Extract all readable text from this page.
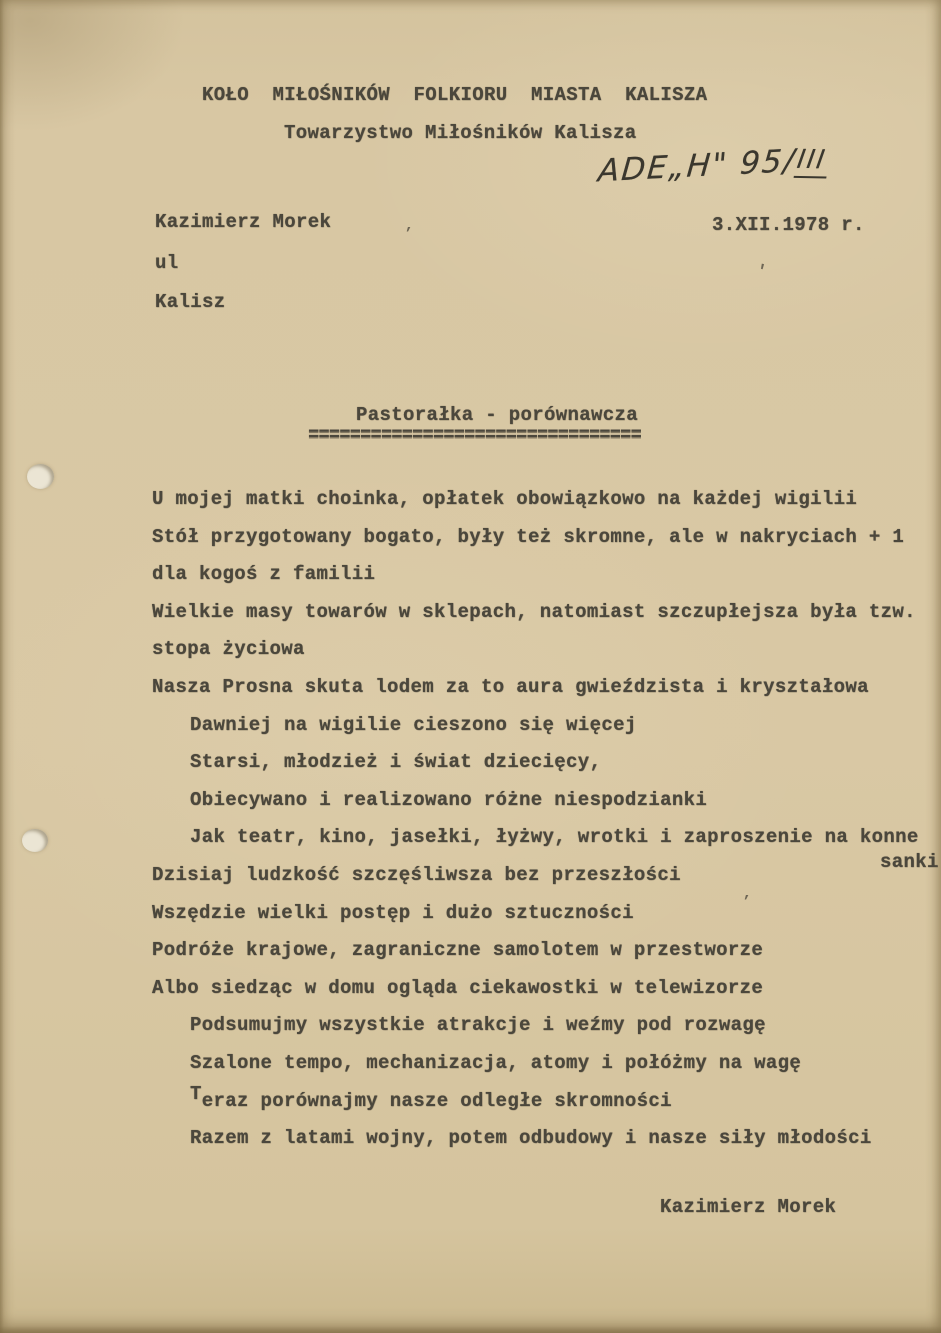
KOŁO  MIŁOŚNIKÓW  FOLKIORU  MIASTA  KALISZA
Towarzystwo Miłośników Kalisza
ADE„H" 95/III
Kazimierz Morek	3.XII.1978 r.
ul
Kalisz
Pastorałka - porównawcza
================================
U mojej matki choinka, opłatek obowiązkowo na każdej wigilii
Stół przygotowany bogato, były też skromne, ale w nakryciach + 1
dla kogoś z familii
Wielkie masy towarów w sklepach, natomiast szczupłejsza była tzw.
stopa życiowa
Nasza Prosna skuta lodem za to aura gwieździsta i kryształowa
Dawniej na wigilie cieszono się więcej
Starsi, młodzież i świat dziecięcy,
Obiecywano i realizowano różne niespodzianki
Jak teatr, kino, jasełki, łyżwy, wrotki i zaproszenie na konne
Dzisiaj ludzkość szczęśliwsza bez przeszłości
Wszędzie wielki postęp i dużo sztuczności
Podróże krajowe, zagraniczne samolotem w przestworze
Albo siedząc w domu ogląda ciekawostki w telewizorze
Podsumujmy wszystkie atrakcje i weźmy pod rozwagę
Szalone tempo, mechanizacja, atomy i połóżmy na wagę
Teraz porównajmy nasze odległe skromności
Razem z latami wojny, potem odbudowy i nasze siły młodości
sanki
Kazimierz Morek
’
'
’
